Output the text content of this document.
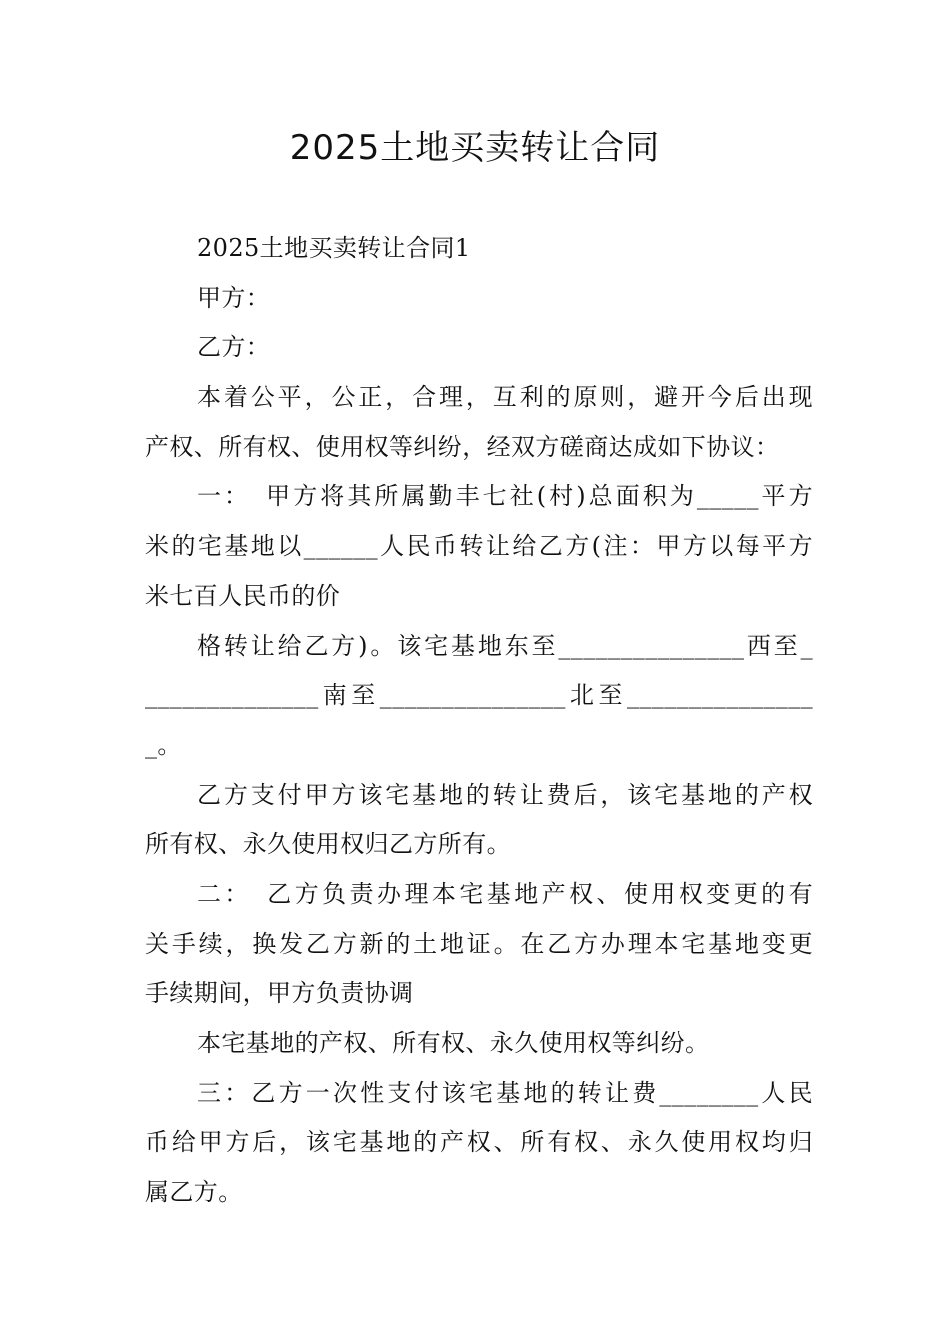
2025土地买卖转让合同
2025土地买卖转让合同1
甲方：
乙方：
本着公平，公正，合理，互利的原则，避开今后出现
产权、所有权、使用权等纠纷，经双方磋商达成如下协议：
一：　甲方将其所属勤丰七社(村)总面积为_____平方
米的宅基地以______人民币转让给乙方(注：甲方以每平方
米七百人民币的价
格转让给乙方)。该宅基地东至_______________西至_
______________南至_______________北至_______________
_。
乙方支付甲方该宅基地的转让费后，该宅基地的产权
所有权、永久使用权归乙方所有。
二：　乙方负责办理本宅基地产权、使用权变更的有
关手续，换发乙方新的土地证。在乙方办理本宅基地变更
手续期间，甲方负责协调
本宅基地的产权、所有权、永久使用权等纠纷。
三：乙方一次性支付该宅基地的转让费________人民
币给甲方后，该宅基地的产权、所有权、永久使用权均归
属乙方。
